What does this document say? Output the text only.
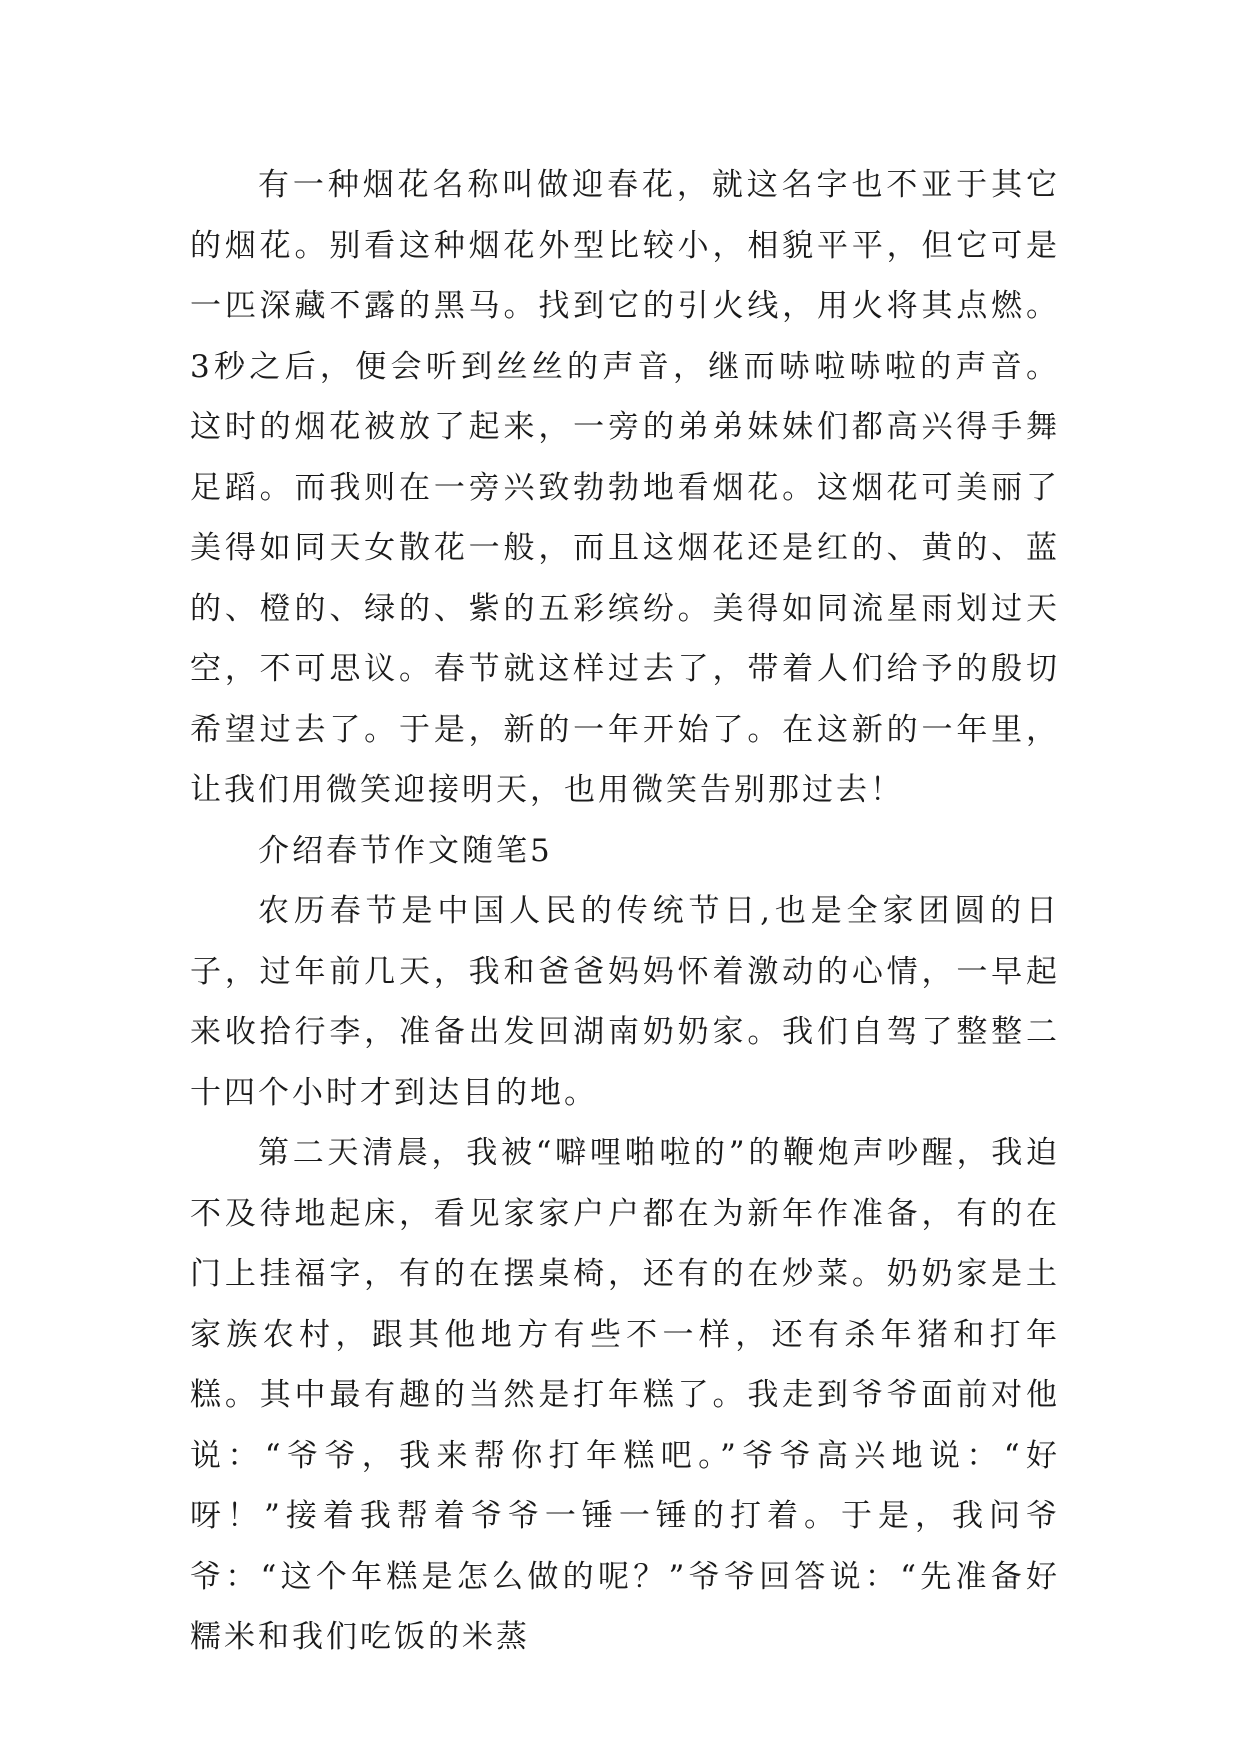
有一种烟花名称叫做迎春花，就这名字也不亚于其它的烟花。别看这种烟花外型比较小，相貌平平，但它可是一匹深藏不露的黑马。找到它的引火线，用火将其点燃。3秒之后，便会听到丝丝的声音，继而哧啦哧啦的声音。这时的烟花被放了起来，一旁的弟弟妹妹们都高兴得手舞足蹈。而我则在一旁兴致勃勃地看烟花。这烟花可美丽了美得如同天女散花一般，而且这烟花还是红的、黄的、蓝的、橙的、绿的、紫的五彩缤纷。美得如同流星雨划过天空，不可思议。春节就这样过去了，带着人们给予的殷切希望过去了。于是，新的一年开始了。在这新的一年里，让我们用微笑迎接明天，也用微笑告别那过去！

介绍春节作文随笔5

农历春节是中国人民的传统节日,也是全家团圆的日子，过年前几天，我和爸爸妈妈怀着激动的心情，一早起来收拾行李，准备出发回湖南奶奶家。我们自驾了整整二十四个小时才到达目的地。

第二天清晨，我被“噼哩啪啦的”的鞭炮声吵醒，我迫不及待地起床，看见家家户户都在为新年作准备，有的在门上挂福字，有的在摆桌椅，还有的在炒菜。奶奶家是土家族农村，跟其他地方有些不一样，还有杀年猪和打年糕。其中最有趣的当然是打年糕了。我走到爷爷面前对他说：“爷爷，我来帮你打年糕吧。”爷爷高兴地说：“好呀！”接着我帮着爷爷一锤一锤的打着。于是，我问爷爷：“这个年糕是怎么做的呢？”爷爷回答说：“先准备好糯米和我们吃饭的米蒸
